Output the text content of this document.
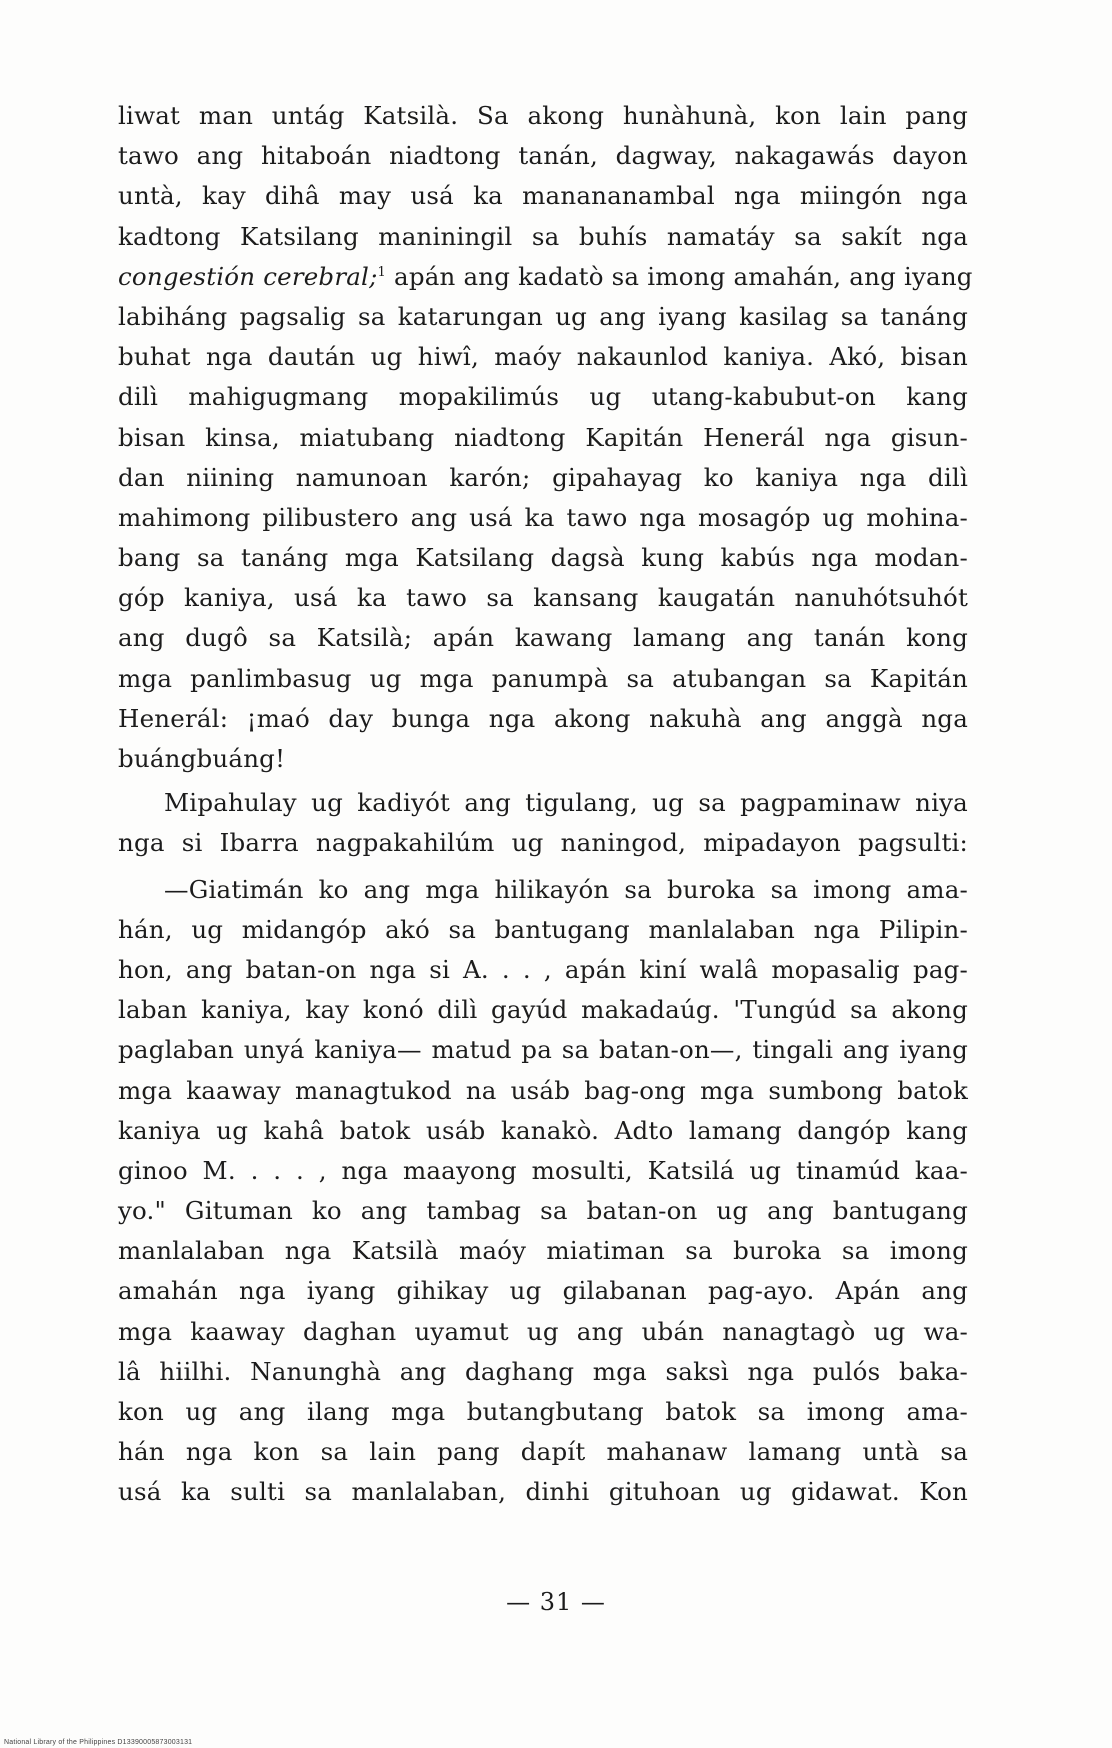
liwat man untág Katsilà. Sa akong hunàhunà, kon lain pang
tawo ang hitaboán niadtong tanán, dagway, nakagawás dayon
untà, kay dihâ may usá ka manananambal nga miingón nga
kadtong Katsilang maniningil sa buhís namatáy sa sakít nga
congestión cerebral;$^1$ apán ang kadatò sa imong amahán, ang iyang
labiháng pagsalig sa katarungan ug ang iyang kasilag sa tanáng
buhat nga daután ug hiwî, maóy nakaunlod kaniya. Akó, bisan
dilì mahigugmang mopakilimús ug utang-kabubut-on kang
bisan kinsa, miatubang niadtong Kapitán Henerál nga gisun-
dan niining namunoan karón; gipahayag ko kaniya nga dilì
mahimong pilibustero ang usá ka tawo nga mosagóp ug mohina-
bang sa tanáng mga Katsilang dagsà kung kabús nga modan-
góp kaniya, usá ka tawo sa kansang kaugatán nanuhótsuhót
ang dugô sa Katsilà; apán kawang lamang ang tanán kong
mga panlimbasug ug mga panumpà sa atubangan sa Kapitán
Henerál: ¡maó day bunga nga akong nakuhà ang anggà nga
buángbuáng!
Mipahulay ug kadiyót ang tigulang, ug sa pagpaminaw niya
nga si Ibarra nagpakahilúm ug naningod, mipadayon pagsulti:
—Giatimán ko ang mga hilikayón sa buroka sa imong ama-
hán, ug midangóp akó sa bantugang manlalaban nga Pilipin-
hon, ang batan-on nga si A. . . , apán kiní walâ mopasalig pag-
laban kaniya, kay konó dilì gayúd makadaúg. 'Tungúd sa akong
paglaban unyá kaniya— matud pa sa batan-on—, tingali ang iyang
mga kaaway managtukod na usáb bag-ong mga sumbong batok
kaniya ug kahâ batok usáb kanakò. Adto lamang dangóp kang
ginoo M. . . . , nga maayong mosulti, Katsilá ug tinamúd kaa-
yo." Gituman ko ang tambag sa batan-on ug ang bantugang
manlalaban nga Katsilà maóy miatiman sa buroka sa imong
amahán nga iyang gihikay ug gilabanan pag-ayo. Apán ang
mga kaaway daghan uyamut ug ang ubán nanagtagò ug wa-
lâ hiilhi. Nanunghà ang daghang mga saksì nga pulós baka-
kon ug ang ilang mga butangbutang batok sa imong ama-
hán nga kon sa lain pang dapít mahanaw lamang untà sa
usá ka sulti sa manlalaban, dinhi gituhoan ug gidawat. Kon
— 31 —
National Library of the Philippines D13390005873003131
